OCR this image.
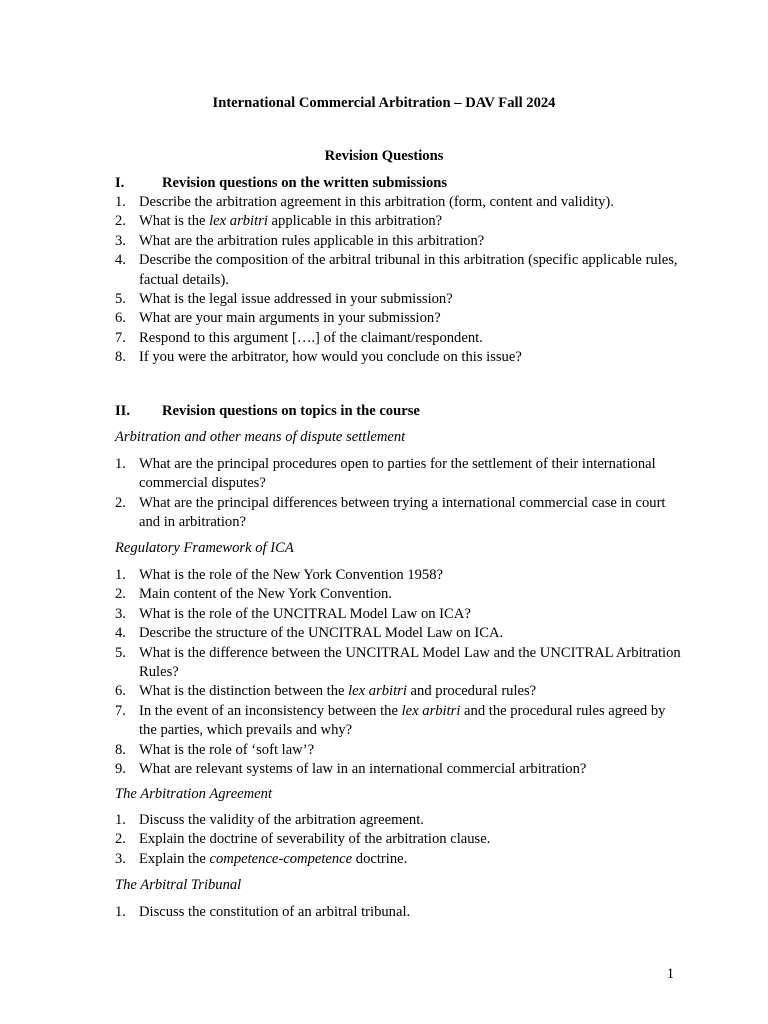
International Commercial Arbitration – DAV Fall 2024
Revision Questions
I.	Revision questions on the written submissions
1. Describe the arbitration agreement in this arbitration (form, content and validity).
2. What is the lex arbitri applicable in this arbitration?
3. What are the arbitration rules applicable in this arbitration?
4. Describe the composition of the arbitral tribunal in this arbitration (specific applicable rules, factual details).
5. What is the legal issue addressed in your submission?
6. What are your main arguments in your submission?
7. Respond to this argument [….] of the claimant/respondent.
8. If you were the arbitrator, how would you conclude on this issue?
II. Revision questions on topics in the course
Arbitration and other means of dispute settlement
1. What are the principal procedures open to parties for the settlement of their international commercial disputes?
2. What are the principal differences between trying a international commercial case in court and in arbitration?
Regulatory Framework of ICA
1. What is the role of the New York Convention 1958?
2. Main content of the New York Convention.
3. What is the role of the UNCITRAL Model Law on ICA?
4. Describe the structure of the UNCITRAL Model Law on ICA.
5. What is the difference between the UNCITRAL Model Law and the UNCITRAL Arbitration Rules?
6. What is the distinction between the lex arbitri and procedural rules?
7. In the event of an inconsistency between the lex arbitri and the procedural rules agreed by the parties, which prevails and why?
8. What is the role of ‘soft law’?
9. What are relevant systems of law in an international commercial arbitration?
The Arbitration Agreement
1. Discuss the validity of the arbitration agreement.
2. Explain the doctrine of severability of the arbitration clause.
3. Explain the competence-competence doctrine.
The Arbitral Tribunal
1. Discuss the constitution of an arbitral tribunal.
1
